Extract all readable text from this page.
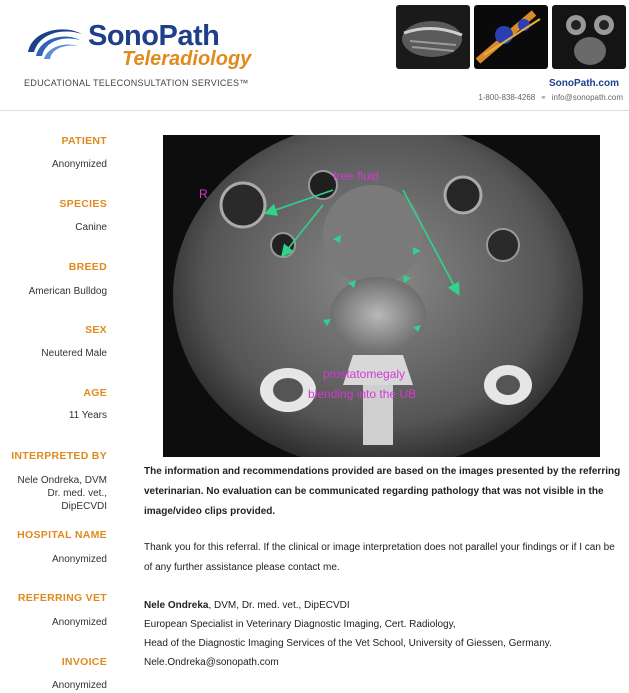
SonoPath
Teleradiology
EDUCATIONAL TELECONSULTATION SERVICES™	SonoPath.com
1-800-838-4268 ⚭ info@sonopath.com
PATIENT
Anonymized
SPECIES
Canine
BREED
American Bulldog
SEX
Neutered Male
AGE
11 Years
INTERPRETED BY
Nele Ondreka, DVM
Dr. med. vet., DipECVDI
HOSPITAL NAME
Anonymized
REFERRING VET
Anonymized
INVOICE
Anonymized
free fluid
R
prostatomegaly
blending into the UB
The information and recommendations provided are based on the images presented by the referring veterinarian. No evaluation can be communicated regarding pathology that was not visible in the image/video clips provided.
Thank you for this referral. If the clinical or image interpretation does not parallel your findings or if I can be of any further assistance please contact me.
Nele Ondreka, DVM, Dr. med. vet., DipECVDI
European Specialist in Veterinary Diagnostic Imaging, Cert. Radiology,
Head of the Diagnostic Imaging Services of the Vet School, University of Giessen, Germany.
Nele.Ondreka@sonopath.com
